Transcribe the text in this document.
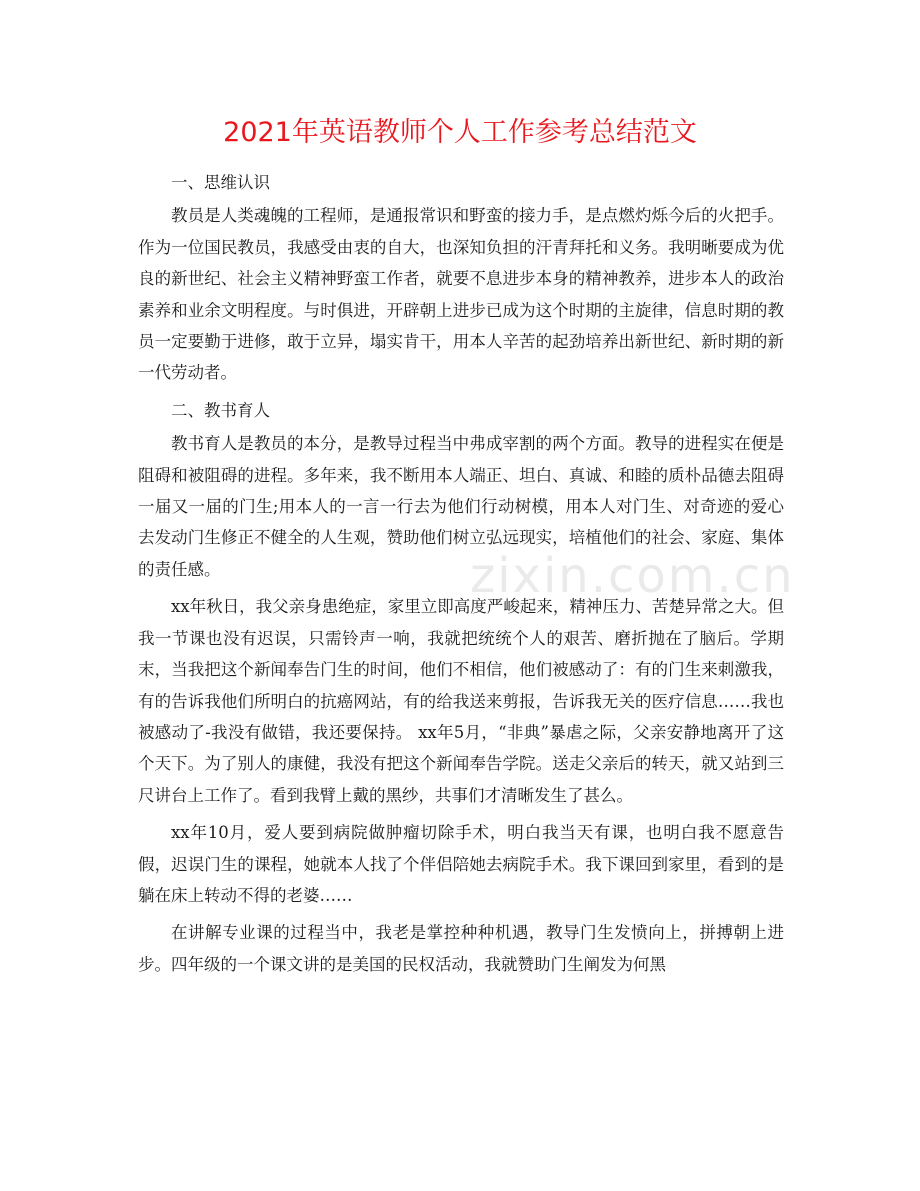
2021年英语教师个人工作参考总结范文

一、思维认识

教员是人类魂魄的工程师，是通报常识和野蛮的接力手，是点燃灼烁今后的火把手。作为一位国民教员，我感受由衷的自大，也深知负担的汗青拜托和义务。我明晰要成为优良的新世纪、社会主义精神野蛮工作者，就要不息进步本身的精神教养，进步本人的政治素养和业余文明程度。与时俱进，开辟朝上进步已成为这个时期的主旋律，信息时期的教员一定要勤于进修，敢于立异，塌实肯干，用本人辛苦的起劲培养出新世纪、新时期的新一代劳动者。

二、教书育人

教书育人是教员的本分，是教导过程当中弗成宰割的两个方面。教导的进程实在便是阻碍和被阻碍的进程。多年来，我不断用本人端正、坦白、真诚、和睦的质朴品德去阻碍一届又一届的门生;用本人的一言一行去为他们行动树模，用本人对门生、对奇迹的爱心去发动门生修正不健全的人生观，赞助他们树立弘远现实，培植他们的社会、家庭、集体的责任感。

xx年秋日，我父亲身患绝症，家里立即高度严峻起来，精神压力、苦楚异常之大。但我一节课也没有迟误，只需铃声一响，我就把统统个人的艰苦、磨折抛在了脑后。学期末，当我把这个新闻奉告门生的时间，他们不相信，他们被感动了：有的门生来刺激我，有的告诉我他们所明白的抗癌网站，有的给我送来剪报，告诉我无关的医疗信息……我也被感动了-我没有做错，我还要保持。 xx年5月，“非典”暴虐之际，父亲安静地离开了这个天下。为了别人的康健，我没有把这个新闻奉告学院。送走父亲后的转天，就又站到三尺讲台上工作了。看到我臂上戴的黑纱，共事们才清晰发生了甚么。

xx年10月，爱人要到病院做肿瘤切除手术，明白我当天有课，也明白我不愿意告假，迟误门生的课程，她就本人找了个伴侣陪她去病院手术。我下课回到家里，看到的是躺在床上转动不得的老婆……

在讲解专业课的过程当中，我老是掌控种种机遇，教导门生发愤向上，拼搏朝上进步。四年级的一个课文讲的是美国的民权活动，我就赞助门生阐发为何黑

zixin.com.cn
